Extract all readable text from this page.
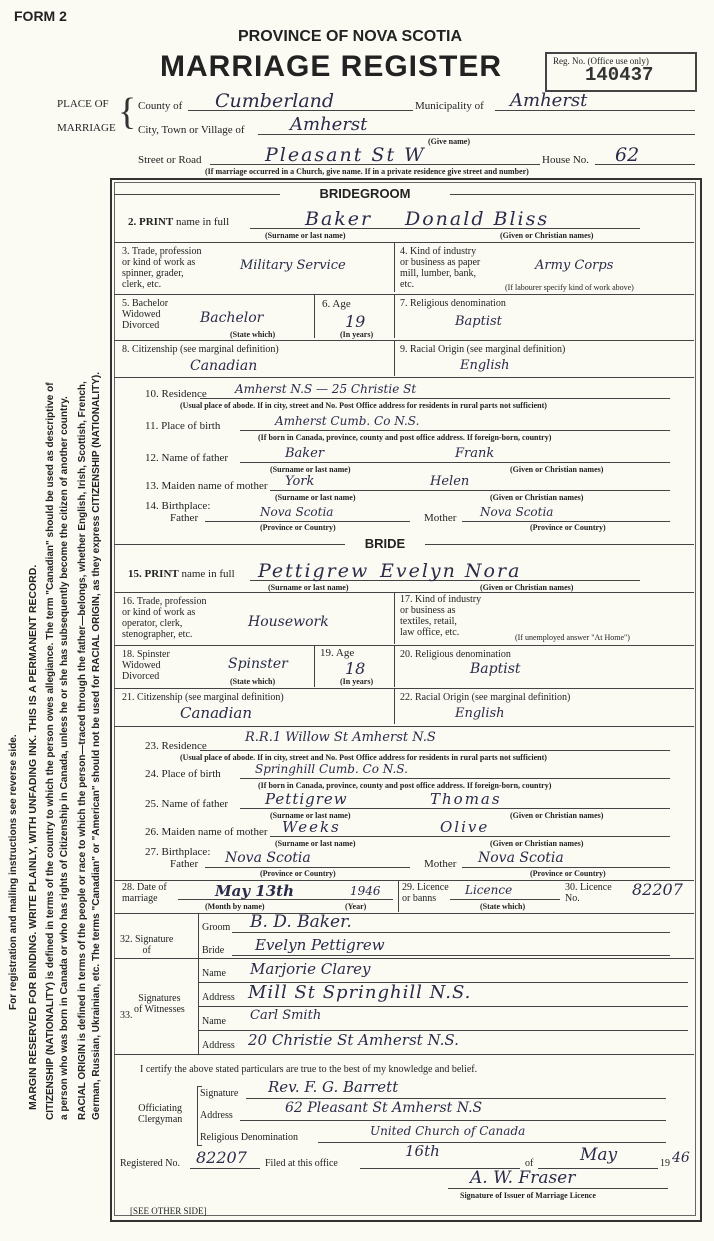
For registration and mailing instructions see reverse side. MARGIN RESERVED FOR BINDING. WRITE PLAINLY, WITH UNFADING INK. THIS IS A PERMANENT RECORD. CITIZENSHIP (NATIONALITY) is defined in terms of the country to which the person owes allegiance. The term "Canadian" should be used as descriptive of a person who was born in Canada or who has rights of Citizenship in Canada, unless he or she has subsequently become the citizen of another country. RACIAL ORIGIN is defined in terms of the people or race to which the person—traced through the father—belongs, whether English, Irish, Scottish, French, German, Russian, Ukrainian, etc. The terms "Canadian" or "American" should not be used for RACIAL ORIGIN, as they express CITIZENSHIP (NATIONALITY).
FORM 2
PROVINCE OF NOVA SCOTIA
MARRIAGE REGISTER	Reg. No. (Office use only)
140437
PLACE OF
MARRIAGE { County of Cumberland	Municipality of Amherst
City, Town or Village of	Amherst
(Give name)
Street or Road	Pleasant St W	House No. 62
(If marriage occurred in a Church, give name. If in a private residence give street and number)
BRIDEGROOM
2. PRINT name in full	Baker Donald Bliss
(Surname or last name)	(Given or Christian names)
3. Trade, profession
or kind of work as
spinner, grader,
clerk, etc.
Military Service
4. Kind of industry
or business as paper
mill, lumber, bank,
etc.
Army Corps
(If labourer specify kind of work above)
5. Bachelor
Widowed
Divorced	Bachelor
(State which)
6. Age
19
(In years)
7. Religious denomination
Baptist
8. Citizenship (see marginal definition)
Canadian
9. Racial Origin (see marginal definition)
English
10. Residence Amherst N.S — 25 Christie St
(Usual place of abode. If in city, street and No. Post Office address for residents in rural parts not sufficient)
11. Place of birth	Amherst Cumb. Co N.S.
(If born in Canada, province, county and post office address. If foreign-born, country)
12. Name of father	Baker	Frank
(Surname or last name)	(Given or Christian names)
13. Maiden name of mother York	Helen
(Surname or last name)	(Given or Christian names)
14. Birthplace:
Father	Nova Scotia	Mother Nova Scotia
(Province or Country)	(Province or Country)
BRIDE
15. PRINT name in full Pettigrew Evelyn Nora
(Surname or last name)	(Given or Christian names)
16. Trade, profession
or kind of work as
operator, clerk,
stenographer, etc.
Housework
17. Kind of industry
or business as
textiles, retail,
law office, etc.	(If unemployed answer "At Home")
18. Spinster
Widowed
Divorced
Spinster
(State which)
19. Age
18
(In years)
20. Religious denomination
Baptist
21. Citizenship (see marginal definition)
Canadian
22. Racial Origin (see marginal definition)
English
23. Residence
R.R.1 Willow St Amherst N.S
(Usual place of abode. If in city, street and No. Post Office address for residents in rural parts not sufficient)
24. Place of birth	Springhill Cumb. Co N.S.
(If born in Canada, province, county and post office address. If foreign-born, country)
25. Name of father Pettigrew	Thomas
(Surname or last name)	(Given or Christian names)
26. Maiden name of mother Weeks	Olive
(Surname or last name)	(Given or Christian names)
27. Birthplace:
Father Nova Scotia	Mother Nova Scotia
(Province or Country)	(Province or Country)
28. Date of
marriage	May 13th	1946
(Month by name)	(Year)
29. Licence
or banns
Licence
(State which)
30. Licence
No.	82207
32. Signature
of
Groom B. D. Baker.
Bride Evelyn Pettigrew
Signatures
of Witnesses
33.
Name Marjorie Clarey
Address Mill St Springhill N.S.
Name Carl Smith
Address 20 Christie St Amherst N.S.
I certify the above stated particulars are true to the best of my knowledge and belief.
Officiating
Clergyman
Signature Rev. F. G. Barrett
Address	62 Pleasant St Amherst N.S
Religious Denomination	United Church of Canada
Registered No. 82207 Filed at this office
16th
of	May	19 46
A. W. Fraser
Signature of Issuer of Marriage Licence
[SEE OTHER SIDE]
